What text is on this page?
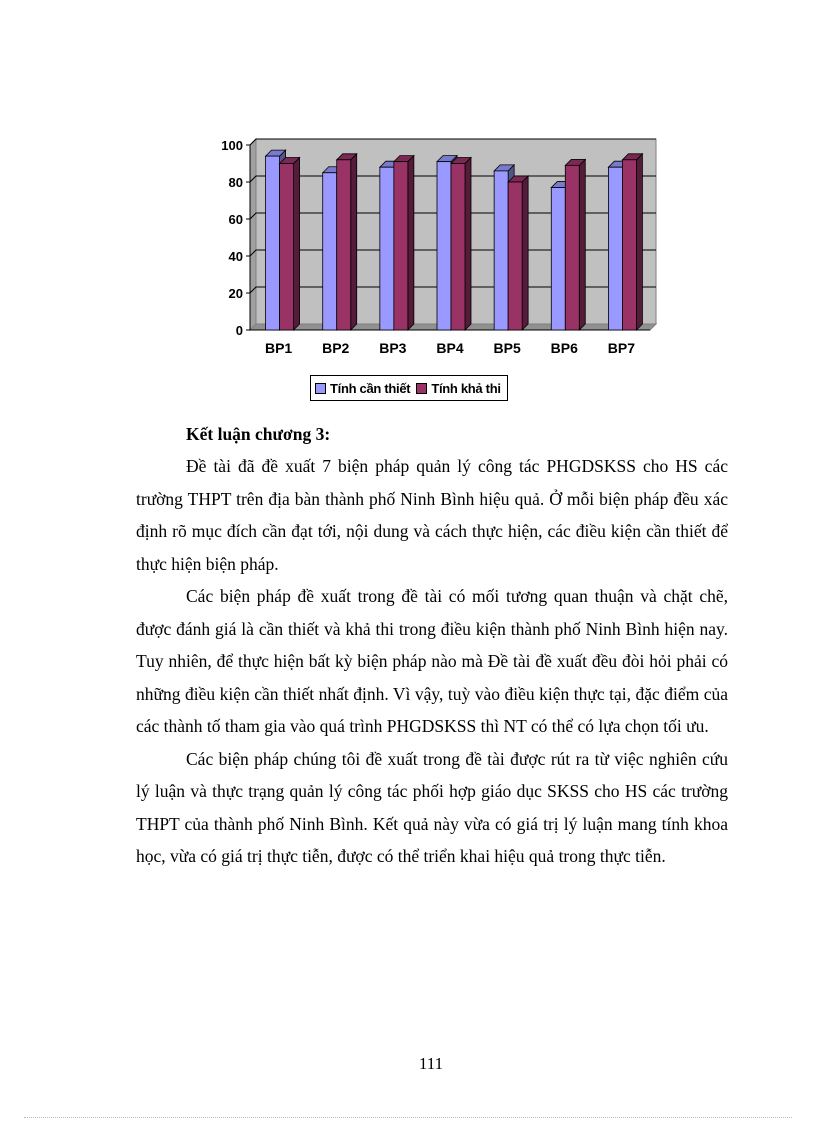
0
20
40
60
80
100
BP1 BP2 BP3 BP4 BP5 BP6 BP7
Tính cần thiết Tính khả thi

Kết luận chương 3:

Đề tài đã đề xuất 7 biện pháp quản lý công tác PHGDSKSS cho HS các trường THPT trên địa bàn thành phố Ninh Bình hiệu quả. Ở mỗi biện pháp đều xác định rõ mục đích cần đạt tới, nội dung và cách thực hiện, các điều kiện cần thiết để thực hiện biện pháp.

Các biện pháp đề xuất trong đề tài có mối tương quan thuận và chặt chẽ, được đánh giá là cần thiết và khả thi trong điều kiện thành phố Ninh Bình hiện nay. Tuy nhiên, để thực hiện bất kỳ biện pháp nào mà Đề tài đề xuất đều đòi hỏi phải có những điều kiện cần thiết nhất định. Vì vậy, tuỳ vào điều kiện thực tại, đặc điểm của các thành tố tham gia vào quá trình PHGDSKSS thì NT có thể có lựa chọn tối ưu.

Các biện pháp chúng tôi đề xuất trong đề tài được rút ra từ việc nghiên cứu lý luận và thực trạng quản lý công tác phối hợp giáo dục SKSS cho HS các trường THPT của thành phố Ninh Bình. Kết quả này vừa có giá trị lý luận mang tính khoa học, vừa có giá trị thực tiễn, được có thể triển khai hiệu quả trong thực tiễn.

111
